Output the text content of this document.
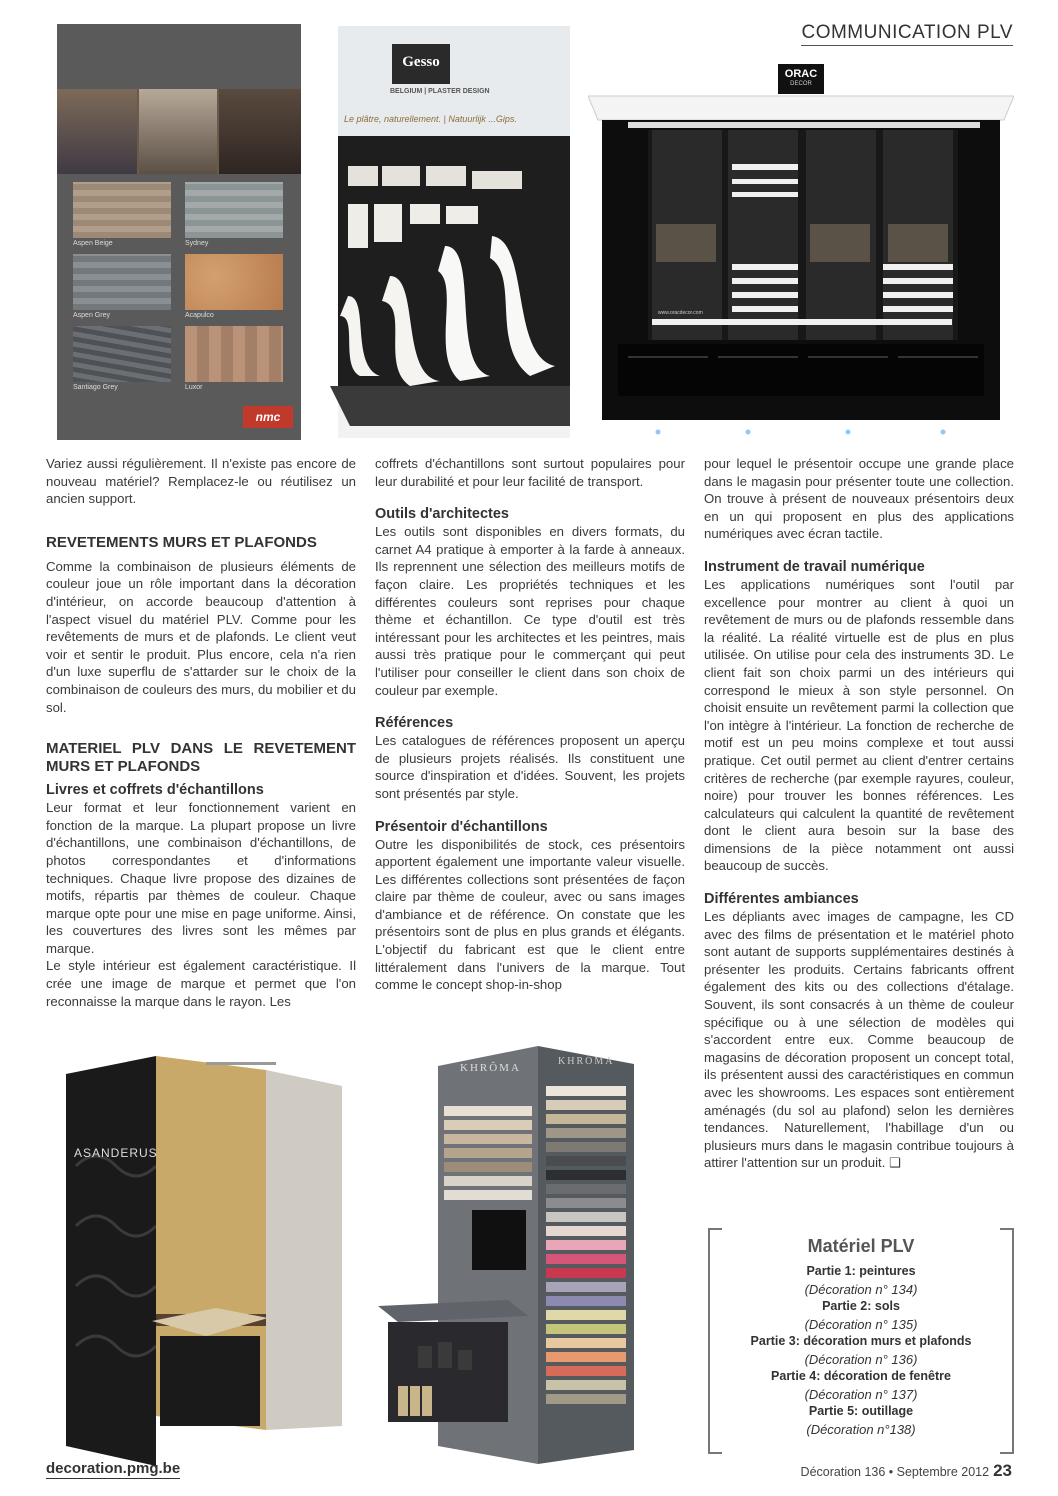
COMMUNICATION PLV
Aspen Beige	Sydney
Aspen Grey	Acapulco
Santiago Grey	Luxor
nmc
Gesso
BELGIUM | PLASTER DESIGN
Le plâtre, naturellement. | Natuurlijk ...Gips.
ORAC
DECOR
www.oracdecor.com

Variez aussi régulièrement. Il n'existe pas encore de nouveau matériel? Remplacez-le ou réutilisez un ancien support.

REVETEMENTS MURS ET PLAFONDS

Comme la combinaison de plusieurs éléments de couleur joue un rôle important dans la décoration d'intérieur, on accorde beaucoup d'attention à l'aspect visuel du matériel PLV. Comme pour les revêtements de murs et de plafonds. Le client veut voir et sentir le produit. Plus encore, cela n'a rien d'un luxe superflu de s'attarder sur le choix de la combinaison de couleurs des murs, du mobilier et du sol.

MATERIEL PLV DANS LE REVETEMENT MURS ET PLAFONDS
Livres et coffrets d'échantillons

Leur format et leur fonctionnement varient en fonction de la marque. La plupart propose un livre d'échantillons, une combinaison d'échantillons, de photos correspondantes et d'informations techniques. Chaque livre propose des dizaines de motifs, répartis par thèmes de couleur. Chaque marque opte pour une mise en page uniforme. Ainsi, les couvertures des livres sont les mêmes par marque.

Le style intérieur est également caractéristique. Il crée une image de marque et permet que l'on reconnaisse la marque dans le rayon. Les

coffrets d'échantillons sont surtout populaires pour leur durabilité et pour leur facilité de transport.

Outils d'architectes

Les outils sont disponibles en divers formats, du carnet A4 pratique à emporter à la farde à anneaux. Ils reprennent une sélection des meilleurs motifs de façon claire. Les propriétés techniques et les différentes couleurs sont reprises pour chaque thème et échantillon. Ce type d'outil est très intéressant pour les architectes et les peintres, mais aussi très pratique pour le commerçant qui peut l'utiliser pour conseiller le client dans son choix de couleur par exemple.

Références

Les catalogues de références proposent un aperçu de plusieurs projets réalisés. Ils constituent une source d'inspiration et d'idées. Souvent, les projets sont présentés par style.

Présentoir d'échantillons

Outre les disponibilités de stock, ces présentoirs apportent également une importante valeur visuelle. Les différentes collections sont présentées de façon claire par thème de couleur, avec ou sans images d'ambiance et de référence. On constate que les présentoirs sont de plus en plus grands et élégants. L'objectif du fabricant est que le client entre littéralement dans l'univers de la marque. Tout comme le concept shop-in-shop

pour lequel le présentoir occupe une grande place dans le magasin pour présenter toute une collection. On trouve à présent de nouveaux présentoirs deux en un qui proposent en plus des applications numériques avec écran tactile.

Instrument de travail numérique

Les applications numériques sont l'outil par excellence pour montrer au client à quoi un revêtement de murs ou de plafonds ressemble dans la réalité. La réalité virtuelle est de plus en plus utilisée. On utilise pour cela des instruments 3D. Le client fait son choix parmi un des intérieurs qui correspond le mieux à son style personnel. On choisit ensuite un revêtement parmi la collection que l'on intègre à l'intérieur. La fonction de recherche de motif est un peu moins complexe et tout aussi pratique. Cet outil permet au client d'entrer certains critères de recherche (par exemple rayures, couleur, noire) pour trouver les bonnes références. Les calculateurs qui calculent la quantité de revêtement dont le client aura besoin sur la base des dimensions de la pièce notamment ont aussi beaucoup de succès.

Différentes ambiances

Les dépliants avec images de campagne, les CD avec des films de présentation et le matériel photo sont autant de supports supplémentaires destinés à présenter les produits. Certains fabricants offrent également des kits ou des collections d'étalage. Souvent, ils sont consacrés à un thème de couleur spécifique ou à une sélection de modèles qui s'accordent entre eux. Comme beaucoup de magasins de décoration proposent un concept total, ils présentent aussi des caractéristiques en commun avec les showrooms. Les espaces sont entièrement aménagés (du sol au plafond) selon les dernières tendances. Naturellement, l'habillage d'un ou plusieurs murs dans le magasin contribue toujours à attirer l'attention sur un produit. ❑

ASANDERUS
KHRÔMA
KHRÔMA
Matériel PLV
Partie 1: peintures
(Décoration n° 134)
Partie 2: sols
(Décoration n° 135)
Partie 3: décoration murs et plafonds
(Décoration n° 136)
Partie 4: décoration de fenêtre
(Décoration n° 137)
Partie 5: outillage
(Décoration n°138)
decoration.pmg.be	Décoration 136 • Septembre 2012 23
